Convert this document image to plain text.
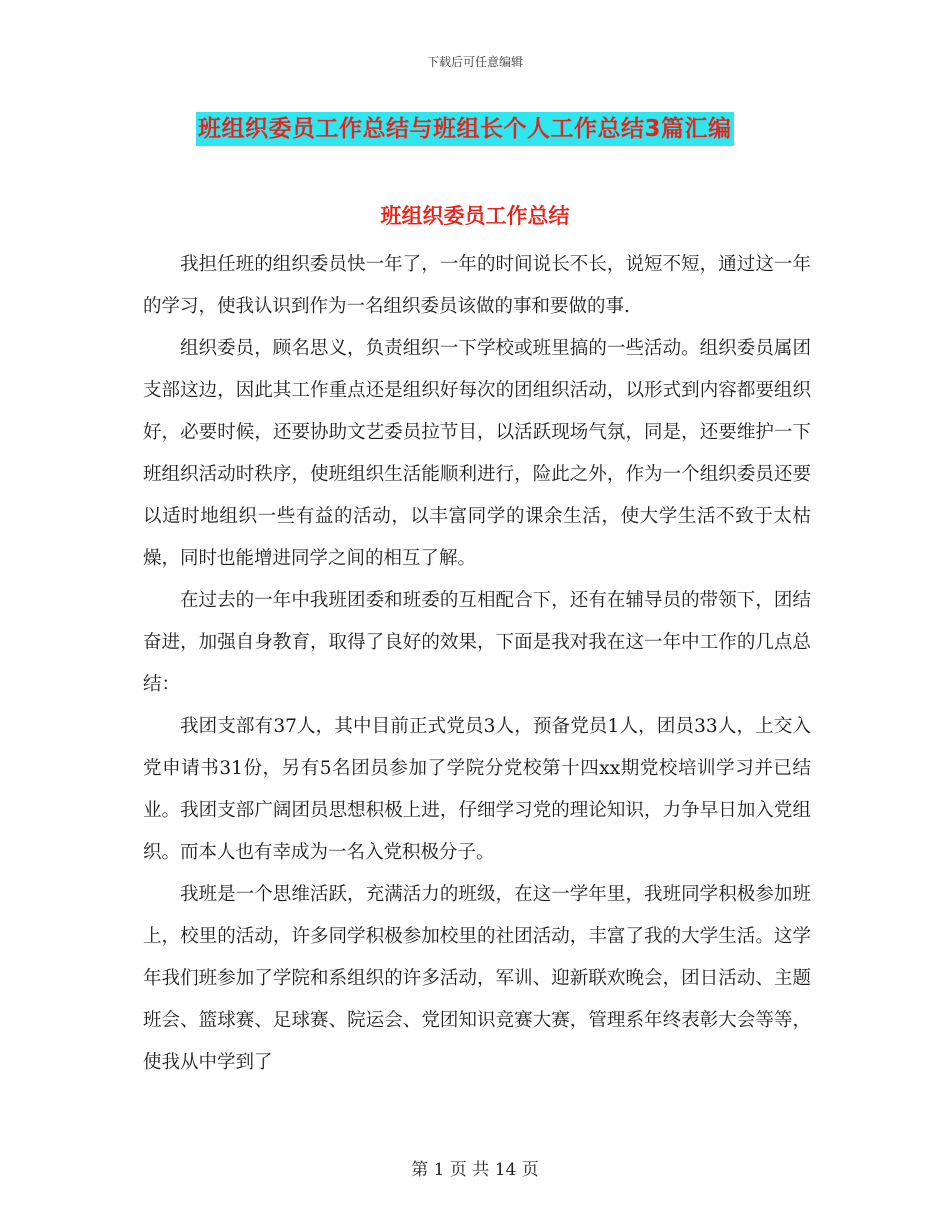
下载后可任意编辑
班组织委员工作总结与班组长个人工作总结3篇汇编
班组织委员工作总结

我担任班的组织委员快一年了，一年的时间说长不长，说短不短，通过这一年的学习，使我认识到作为一名组织委员该做的事和要做的事.

组织委员，顾名思义，负责组织一下学校或班里搞的一些活动。组织委员属团支部这边，因此其工作重点还是组织好每次的团组织活动，以形式到内容都要组织好，必要时候，还要协助文艺委员拉节目，以活跃现场气氛，同是，还要维护一下班组织活动时秩序，使班组织生活能顺利进行，险此之外，作为一个组织委员还要以适时地组织一些有益的活动，以丰富同学的课余生活，使大学生活不致于太枯燥，同时也能增进同学之间的相互了解。

在过去的一年中我班团委和班委的互相配合下，还有在辅导员的带领下，团结奋进，加强自身教育，取得了良好的效果，下面是我对我在这一年中工作的几点总结：

我团支部有37人，其中目前正式党员3人，预备党员1人，团员33人，上交入党申请书31份，另有5名团员参加了学院分党校第十四xx期党校培训学习并已结业。我团支部广阔团员思想积极上进，仔细学习党的理论知识，力争早日加入党组织。而本人也有幸成为一名入党积极分子。

我班是一个思维活跃，充满活力的班级，在这一学年里，我班同学积极参加班上，校里的活动，许多同学积极参加校里的社团活动，丰富了我的大学生活。这学年我们班参加了学院和系组织的许多活动，军训、迎新联欢晚会，团日活动、主题班会、篮球赛、足球赛、院运会、党团知识竞赛大赛，管理系年终表彰大会等等，使我从中学到了

第 1 页 共 14 页
